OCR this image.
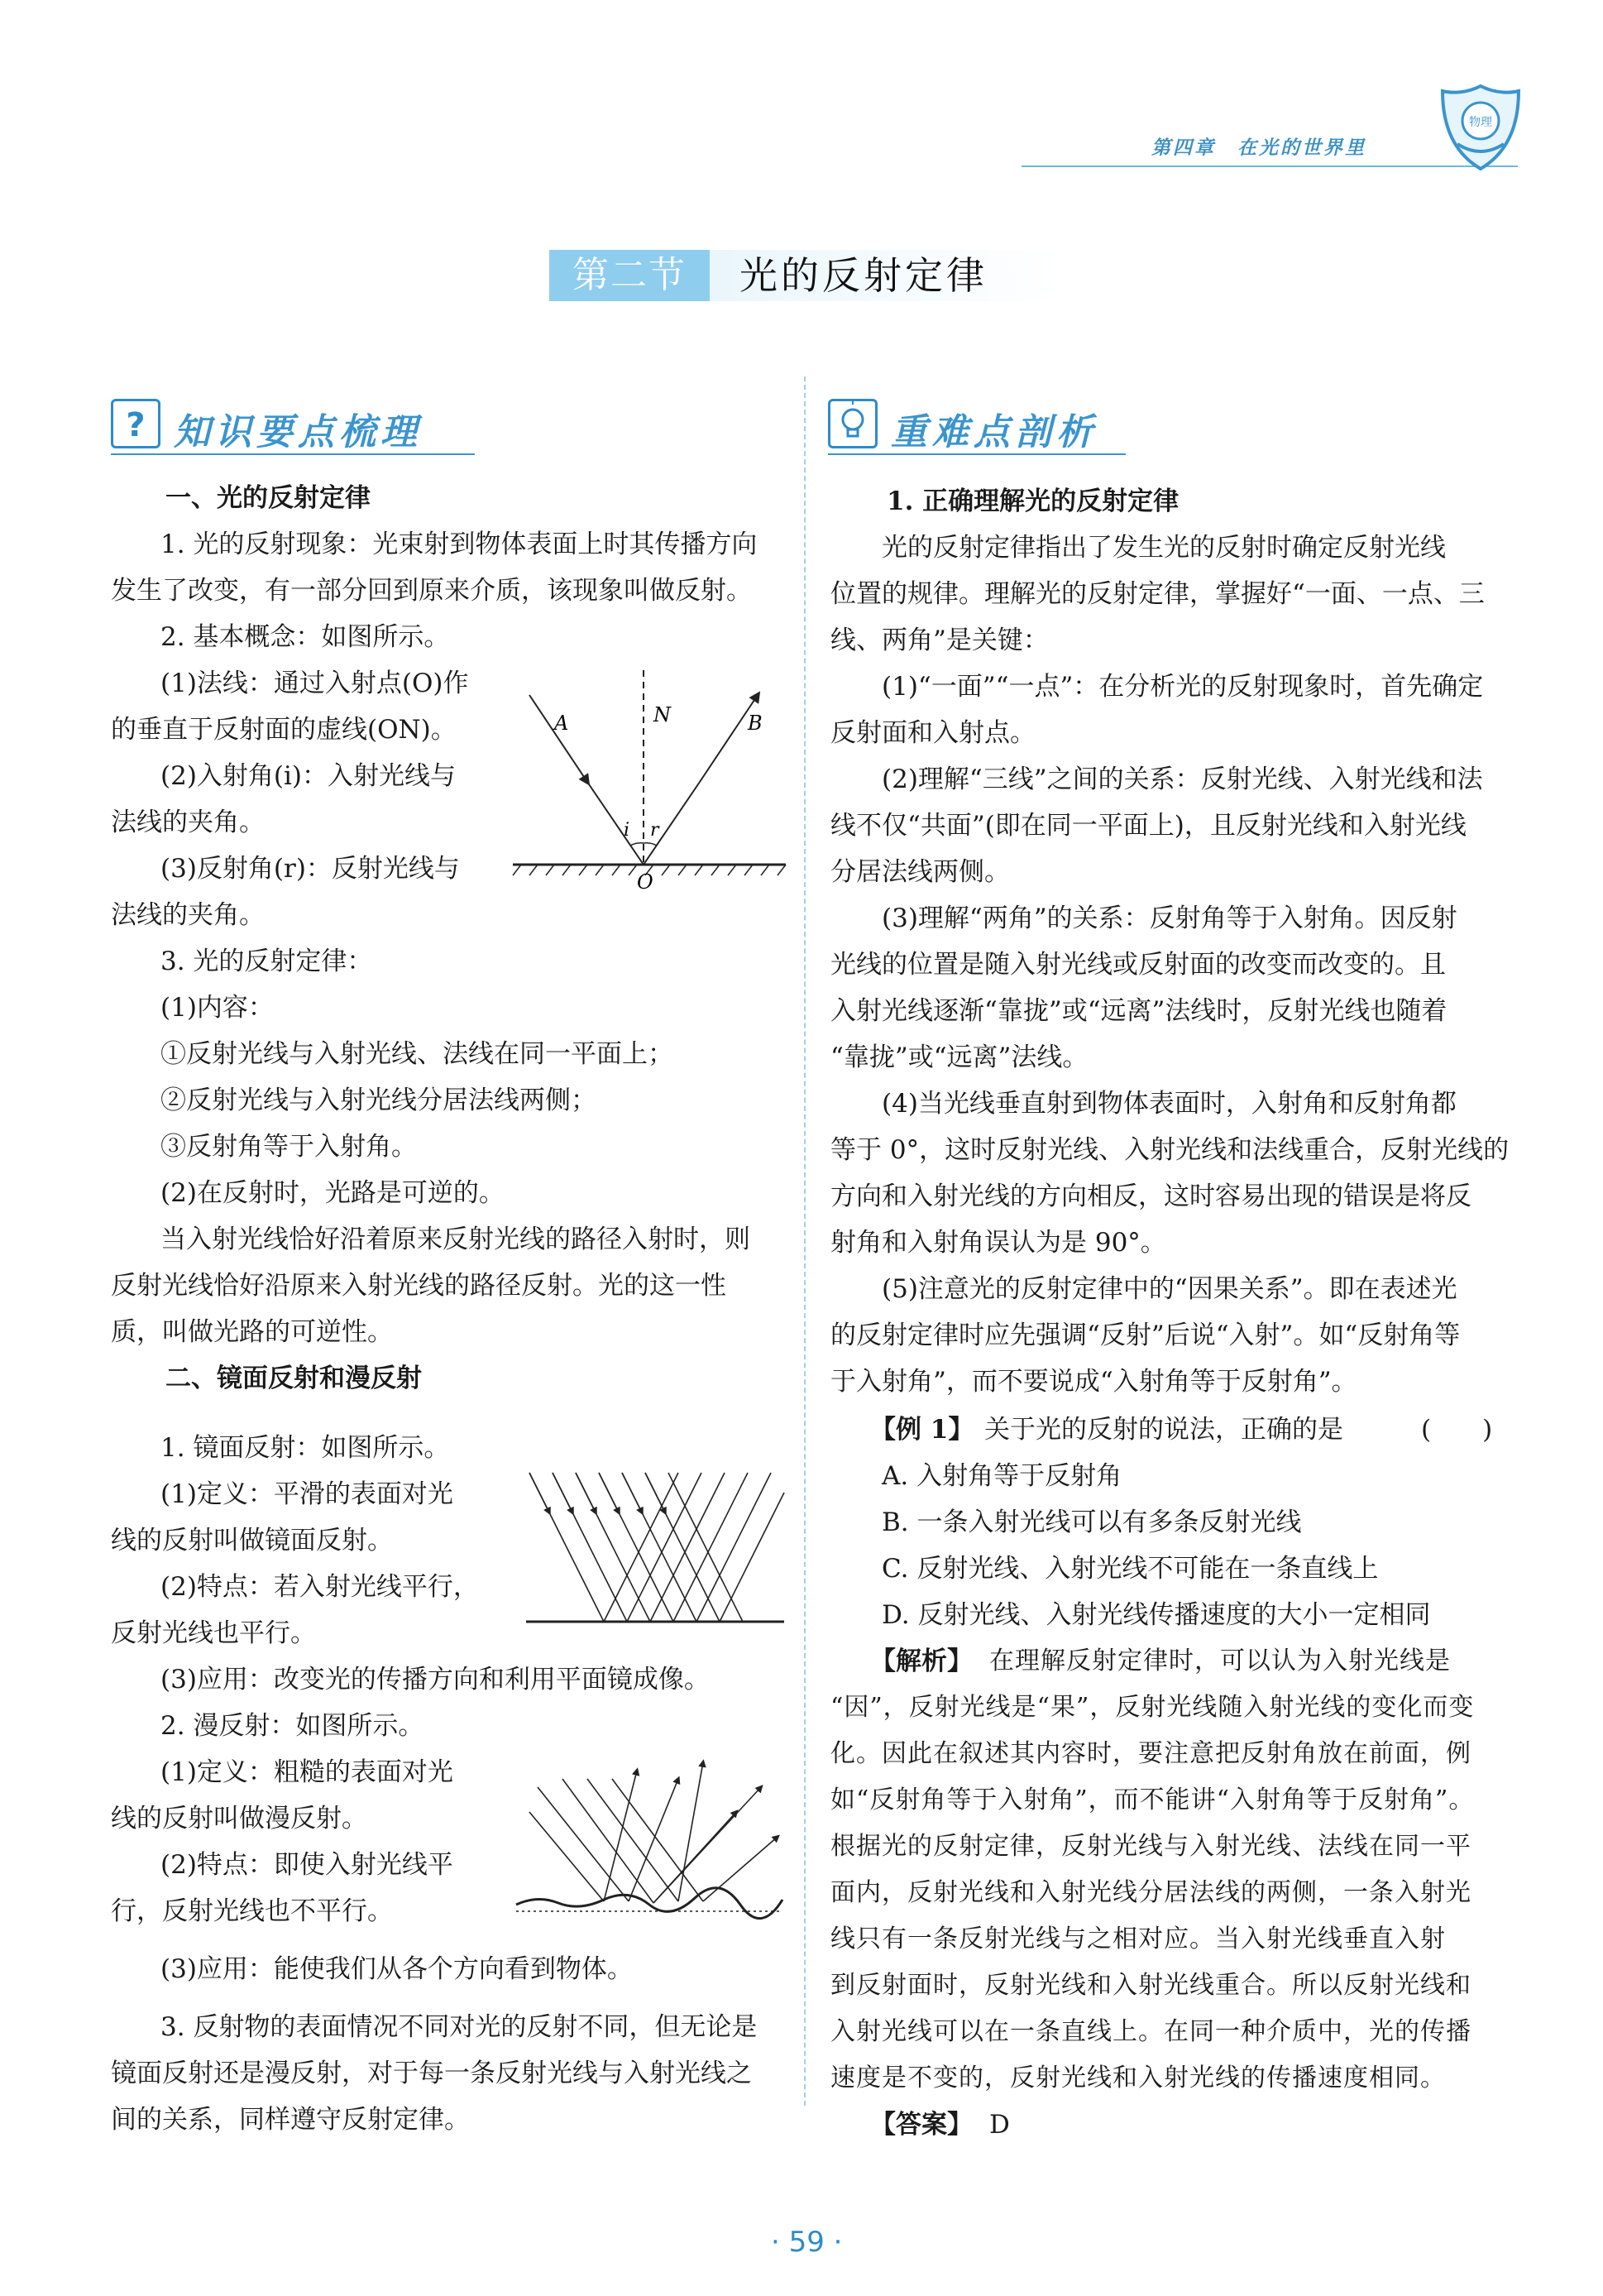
第四章　在光的世界里
物理
第二节	光的反射定律
? 知识要点梳理	重难点剖析
一、光的反射定律
1. 光的反射现象：光束射到物体表面上时其传播方向
发生了改变，有一部分回到原来介质，该现象叫做反射。
2. 基本概念：如图所示。
(1)法线：通过入射点(O)作
的垂直于反射面的虚线(ON)。
(2)入射角(i)：入射光线与
法线的夹角。
(3)反射角(r)：反射光线与
法线的夹角。
3. 光的反射定律：
(1)内容：
①反射光线与入射光线、法线在同一平面上；
②反射光线与入射光线分居法线两侧；
③反射角等于入射角。
(2)在反射时，光路是可逆的。
当入射光线恰好沿着原来反射光线的路径入射时，则
反射光线恰好沿原来入射光线的路径反射。光的这一性
质，叫做光路的可逆性。
二、镜面反射和漫反射
1. 镜面反射：如图所示。
(1)定义：平滑的表面对光
线的反射叫做镜面反射。
(2)特点：若入射光线平行，
反射光线也平行。
(3)应用：改变光的传播方向和利用平面镜成像。
2. 漫反射：如图所示。
(1)定义：粗糙的表面对光
线的反射叫做漫反射。
(2)特点：即使入射光线平
行，反射光线也不平行。
(3)应用：能使我们从各个方向看到物体。
3. 反射物的表面情况不同对光的反射不同，但无论是
镜面反射还是漫反射，对于每一条反射光线与入射光线之
间的关系，同样遵守反射定律。
A	N	B
i r
O
1. 正确理解光的反射定律
光的反射定律指出了发生光的反射时确定反射光线
位置的规律。理解光的反射定律，掌握好“一面、一点、三
线、两角”是关键：
(1)“一面”“一点”：在分析光的反射现象时，首先确定
反射面和入射点。
(2)理解“三线”之间的关系：反射光线、入射光线和法
线不仅“共面”(即在同一平面上)，且反射光线和入射光线
分居法线两侧。
(3)理解“两角”的关系：反射角等于入射角。因反射
光线的位置是随入射光线或反射面的改变而改变的。且
入射光线逐渐“靠拢”或“远离”法线时，反射光线也随着
“靠拢”或“远离”法线。
(4)当光线垂直射到物体表面时，入射角和反射角都
等于 0°，这时反射光线、入射光线和法线重合，反射光线的
方向和入射光线的方向相反，这时容易出现的错误是将反
射角和入射角误认为是 90°。
(5)注意光的反射定律中的“因果关系”。即在表述光
的反射定律时应先强调“反射”后说“入射”。如“反射角等
于入射角”，而不要说成“入射角等于反射角”。
【例 1】 关于光的反射的说法，正确的是	(　　)
A. 入射角等于反射角
B. 一条入射光线可以有多条反射光线
C. 反射光线、入射光线不可能在一条直线上
D. 反射光线、入射光线传播速度的大小一定相同
【解析】 在理解反射定律时，可以认为入射光线是
“因”，反射光线是“果”，反射光线随入射光线的变化而变
化。因此在叙述其内容时，要注意把反射角放在前面，例
如“反射角等于入射角”，而不能讲“入射角等于反射角”。
根据光的反射定律，反射光线与入射光线、法线在同一平
面内，反射光线和入射光线分居法线的两侧，一条入射光
线只有一条反射光线与之相对应。当入射光线垂直入射
到反射面时，反射光线和入射光线重合。所以反射光线和
入射光线可以在一条直线上。在同一种介质中，光的传播
速度是不变的，反射光线和入射光线的传播速度相同。
【答案】 D
· 59 ·
